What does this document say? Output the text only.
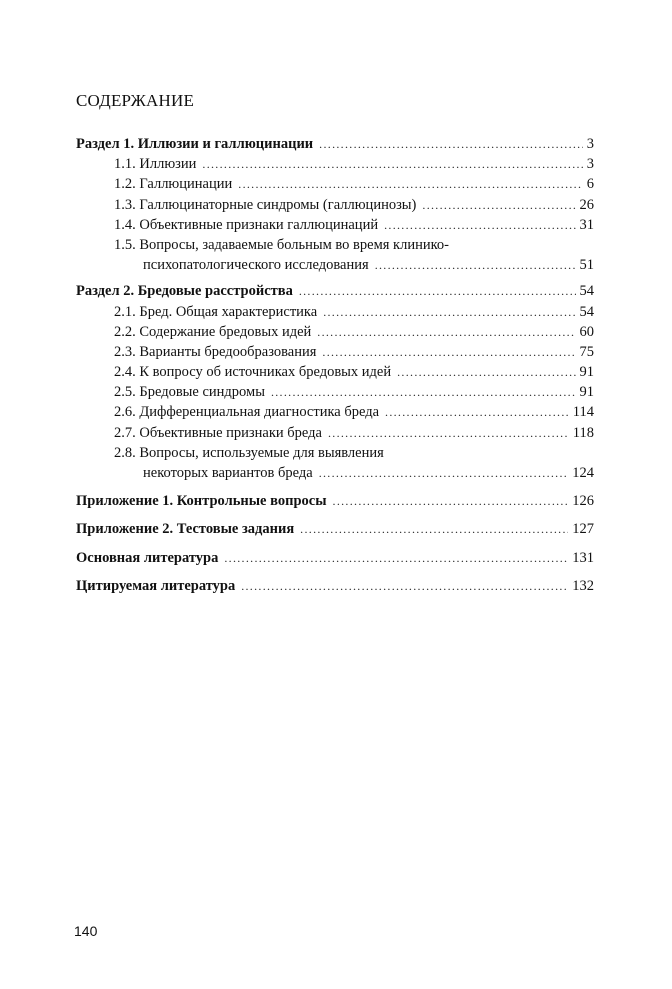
СОДЕРЖАНИЕ
Раздел 1. Иллюзии и галлюцинации .....	3
1.1. Иллюзии .....	3
1.2. Галлюцинации .....	6
1.3. Галлюцинаторные синдромы (галлюцинозы) .....	26
1.4. Объективные признаки галлюцинаций .....	31
1.5. Вопросы, задаваемые больным во время клинико-
психопатологического исследования .....	51
Раздел 2. Бредовые расстройства .....	54
2.1. Бред. Общая характеристика .....	54
2.2. Содержание бредовых идей .....	60
2.3. Варианты бредообразования .....	75
2.4. К вопросу об источниках бредовых идей .....	91
2.5. Бредовые синдромы .....	91
2.6. Дифференциальная диагностика бреда .....	114
2.7. Объективные признаки бреда .....	118
2.8. Вопросы, используемые для выявления
некоторых вариантов бреда .....	124
Приложение 1. Контрольные вопросы .....	126
Приложение 2. Тестовые задания .....	127
Основная литература .....	131
Цитируемая литература .....	132
140
